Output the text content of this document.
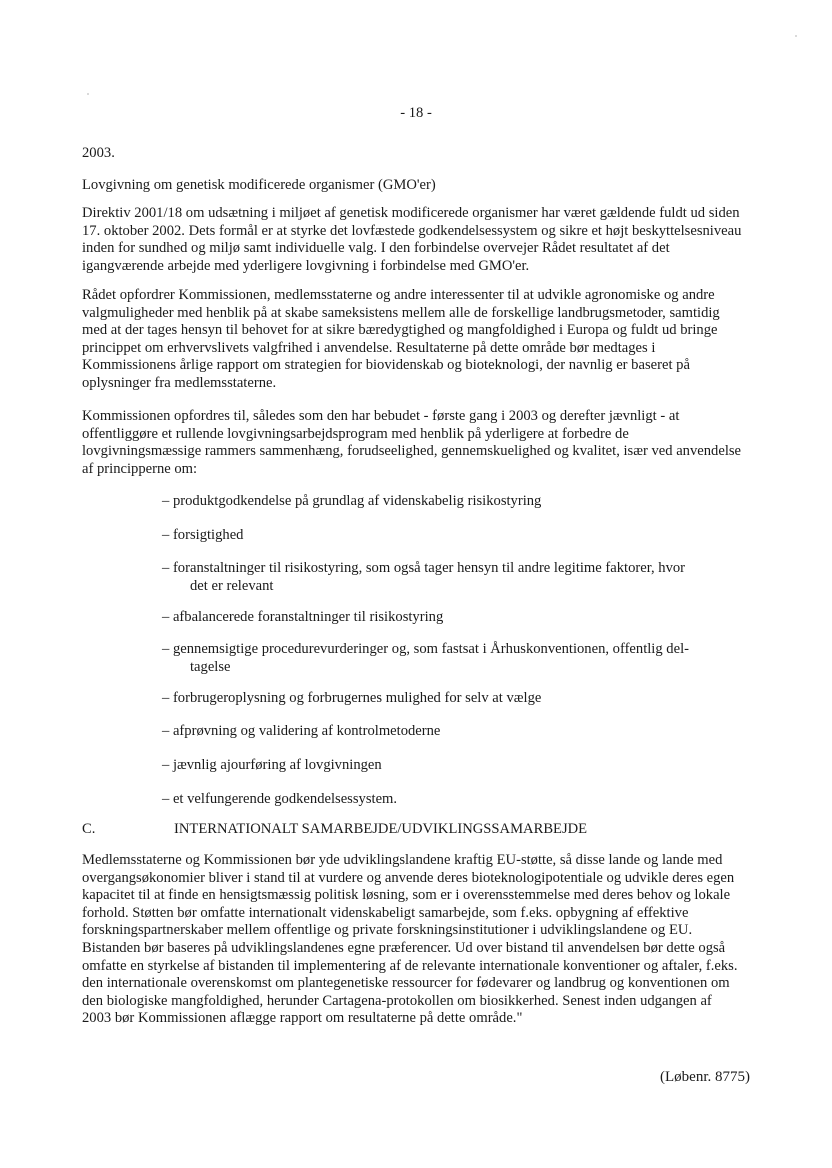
- 18 -
2003.
Lovgivning om genetisk modificerede organismer (GMO'er)
Direktiv 2001/18 om udsætning i miljøet af genetisk modificerede organismer har været gældende fuldt ud siden 17. oktober 2002. Dets formål er at styrke det lovfæstede godkendelsessystem og sikre et højt beskyttelsesniveau inden for sundhed og miljø samt individuelle valg. I den forbindelse overvejer Rådet resultatet af det igangværende arbejde med yderligere lovgivning i forbindelse med GMO'er.
Rådet opfordrer Kommissionen, medlemsstaterne og andre interessenter til at udvikle agronomiske og andre valgmuligheder med henblik på at skabe sameksistens mellem alle de forskellige landbrugsmetoder, samtidig med at der tages hensyn til behovet for at sikre bæredygtighed og mangfoldighed i Europa og fuldt ud bringe princippet om erhvervslivets valgfrihed i anvendelse. Resultaterne på dette område bør medtages i Kommissionens årlige rapport om strategien for biovidenskab og bioteknologi, der navnlig er baseret på oplysninger fra medlemsstaterne.
Kommissionen opfordres til, således som den har bebudet - første gang i 2003 og derefter jævnligt - at offentliggøre et rullende lovgivningsarbejdsprogram med henblik på yderligere at forbedre de lovgivningsmæssige rammers sammenhæng, forudseelighed, gennemskuelighed og kvalitet, især ved anvendelse af principperne om:
– produktgodkendelse på grundlag af videnskabelig risikostyring
– forsigtighed
– foranstaltninger til risikostyring, som også tager hensyn til andre legitime faktorer, hvor
det er relevant
– afbalancerede foranstaltninger til risikostyring
– gennemsigtige procedurevurderinger og, som fastsat i Århuskonventionen, offentlig del-
tagelse
– forbrugeroplysning og forbrugernes mulighed for selv at vælge
– afprøvning og validering af kontrolmetoderne
– jævnlig ajourføring af lovgivningen
– et velfungerende godkendelsessystem.
C.	INTERNATIONALT SAMARBEJDE/UDVIKLINGSSAMARBEJDE
Medlemsstaterne og Kommissionen bør yde udviklingslandene kraftig EU-støtte, så disse lande og lande med overgangsøkonomier bliver i stand til at vurdere og anvende deres bioteknologipotentiale og udvikle deres egen kapacitet til at finde en hensigtsmæssig politisk løsning, som er i overensstemmelse med deres behov og lokale forhold. Støtten bør omfatte internationalt videnskabeligt samarbejde, som f.eks. opbygning af effektive forskningspartnerskaber mellem offentlige og private forskningsinstitutioner i udviklingslandene og EU. Bistanden bør baseres på udviklingslandenes egne præferencer. Ud over bistand til anvendelsen bør dette også omfatte en styrkelse af bistanden til implementering af de relevante internationale konventioner og aftaler, f.eks. den internationale overenskomst om plantegenetiske ressourcer for fødevarer og landbrug og konventionen om den biologiske mangfoldighed, herunder Cartagena-protokollen om biosikkerhed. Senest inden udgangen af 2003 bør Kommissionen aflægge rapport om resultaterne på dette område."
(Løbenr. 8775)
